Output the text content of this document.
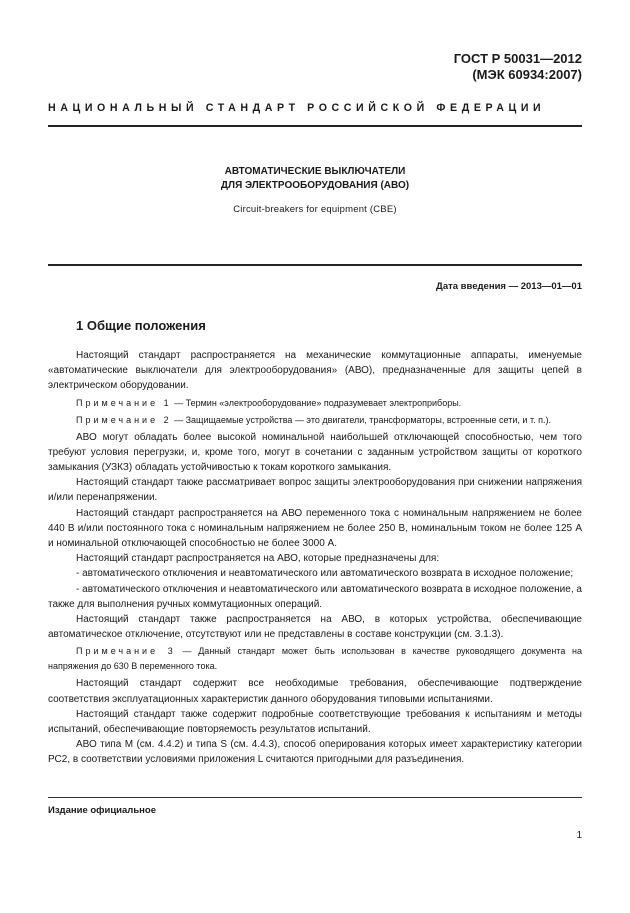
ГОСТ Р 50031—2012
(МЭК 60934:2007)
НАЦИОНАЛЬНЫЙ СТАНДАРТ РОССИЙСКОЙ ФЕДЕРАЦИИ
АВТОМАТИЧЕСКИЕ ВЫКЛЮЧАТЕЛИ
ДЛЯ ЭЛЕКТРООБОРУДОВАНИЯ (АВО)
Circuit-breakers for equipment (CBE)
Дата введения — 2013—01—01
1 Общие положения

Настоящий стандарт распространяется на механические коммутационные аппараты, именуемые «автоматические выключатели для электрооборудования» (АВО), предназначенные для защиты цепей в электрическом оборудовании.

Примечание 1 — Термин «электрооборудование» подразумевает электроприборы.

Примечание 2 — Защищаемые устройства — это двигатели, трансформаторы, встроенные сети, и т. п.).

АВО могут обладать более высокой номинальной наибольшей отключающей способностью, чем того требуют условия перегрузки, и, кроме того, могут в сочетании с заданным устройством защиты от короткого замыкания (УЗКЗ) обладать устойчивостью к токам короткого замыкания.

Настоящий стандарт также рассматривает вопрос защиты электрооборудования при снижении напряжения и/или перенапряжении.

Настоящий стандарт распространяется на АВО переменного тока с номинальным напряжением не более 440 В и/или постоянного тока с номинальным напряжением не более 250 В, номинальным током не более 125 А и номинальной отключающей способностью не более 3000 А.

Настоящий стандарт распространяется на АВО, которые предназначены для:

- автоматического отключения и неавтоматического или автоматического возврата в исходное положение;

- автоматического отключения и неавтоматического или автоматического возврата в исходное положение, а также для выполнения ручных коммутационных операций.

Настоящий стандарт также распространяется на АВО, в которых устройства, обеспечивающие автоматическое отключение, отсутствуют или не представлены в составе конструкции (см. 3.1.3).

Примечание 3 — Данный стандарт может быть использован в качестве руководящего документа на напряжения до 630 В переменного тока.

Настоящий стандарт содержит все необходимые требования, обеспечивающие подтверждение соответствия эксплуатационных характеристик данного оборудования типовыми испытаниями.

Настоящий стандарт также содержит подробные соответствующие требования к испытаниям и методы испытаний, обеспечивающие повторяемость результатов испытаний.

АВО типа М (см. 4.4.2) и типа S (см. 4.4.3), способ оперирования которых имеет характеристику категории РС2, в соответствии условиями приложения L считаются пригодными для разъединения.

Издание официальное
1
